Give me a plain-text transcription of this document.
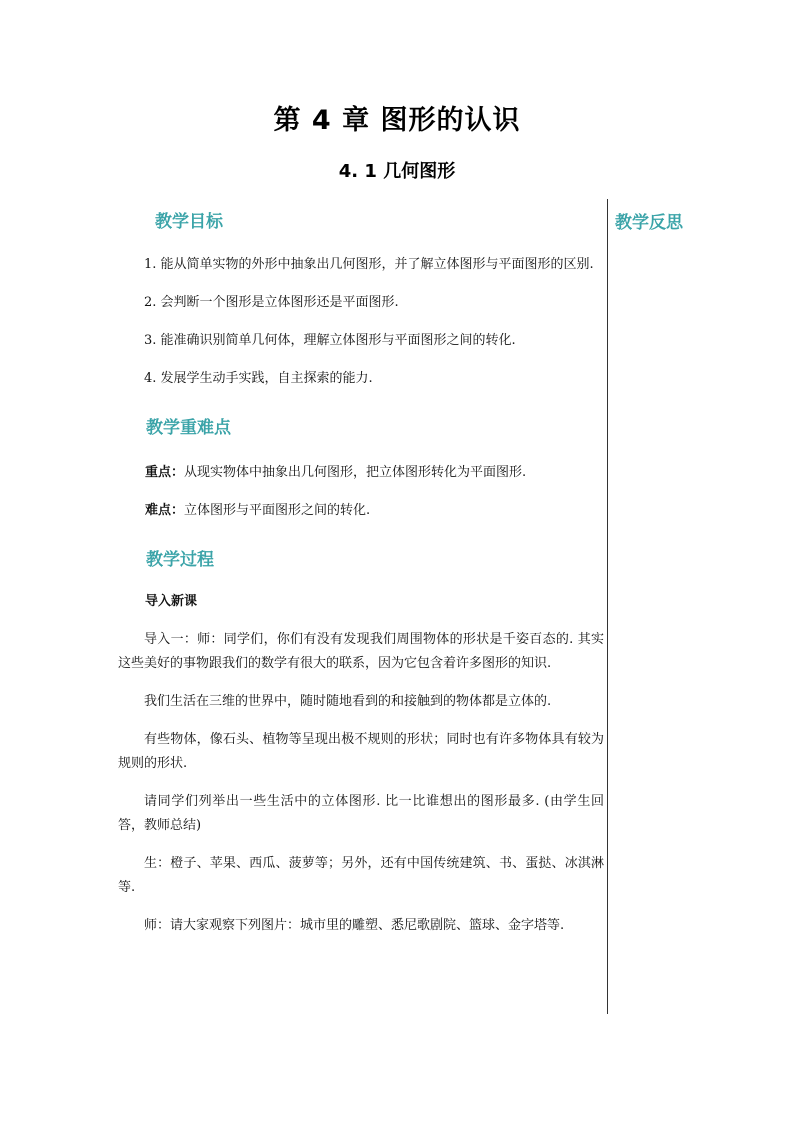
第 4 章 图形的认识
4. 1 几何图形
教学反思
教学目标

1. 能从简单实物的外形中抽象出几何图形，并了解立体图形与平面图形的区别.

2. 会判断一个图形是立体图形还是平面图形.

3. 能准确识别简单几何体，理解立体图形与平面图形之间的转化.

4. 发展学生动手实践，自主探索的能力.

教学重难点

重点：从现实物体中抽象出几何图形，把立体图形转化为平面图形.

难点：立体图形与平面图形之间的转化.

教学过程
导入新课

导入一：师：同学们，你们有没有发现我们周围物体的形状是千姿百态的. 其实这些美好的事物跟我们的数学有很大的联系，因为它包含着许多图形的知识.

我们生活在三维的世界中，随时随地看到的和接触到的物体都是立体的.

有些物体，像石头、植物等呈现出极不规则的形状；同时也有许多物体具有较为规则的形状.

请同学们列举出一些生活中的立体图形. 比一比谁想出的图形最多. (由学生回答，教师总结)

生：橙子、苹果、西瓜、菠萝等；另外，还有中国传统建筑、书、蛋挞、冰淇淋等.

师：请大家观察下列图片：城市里的雕塑、悉尼歌剧院、篮球、金字塔等.
